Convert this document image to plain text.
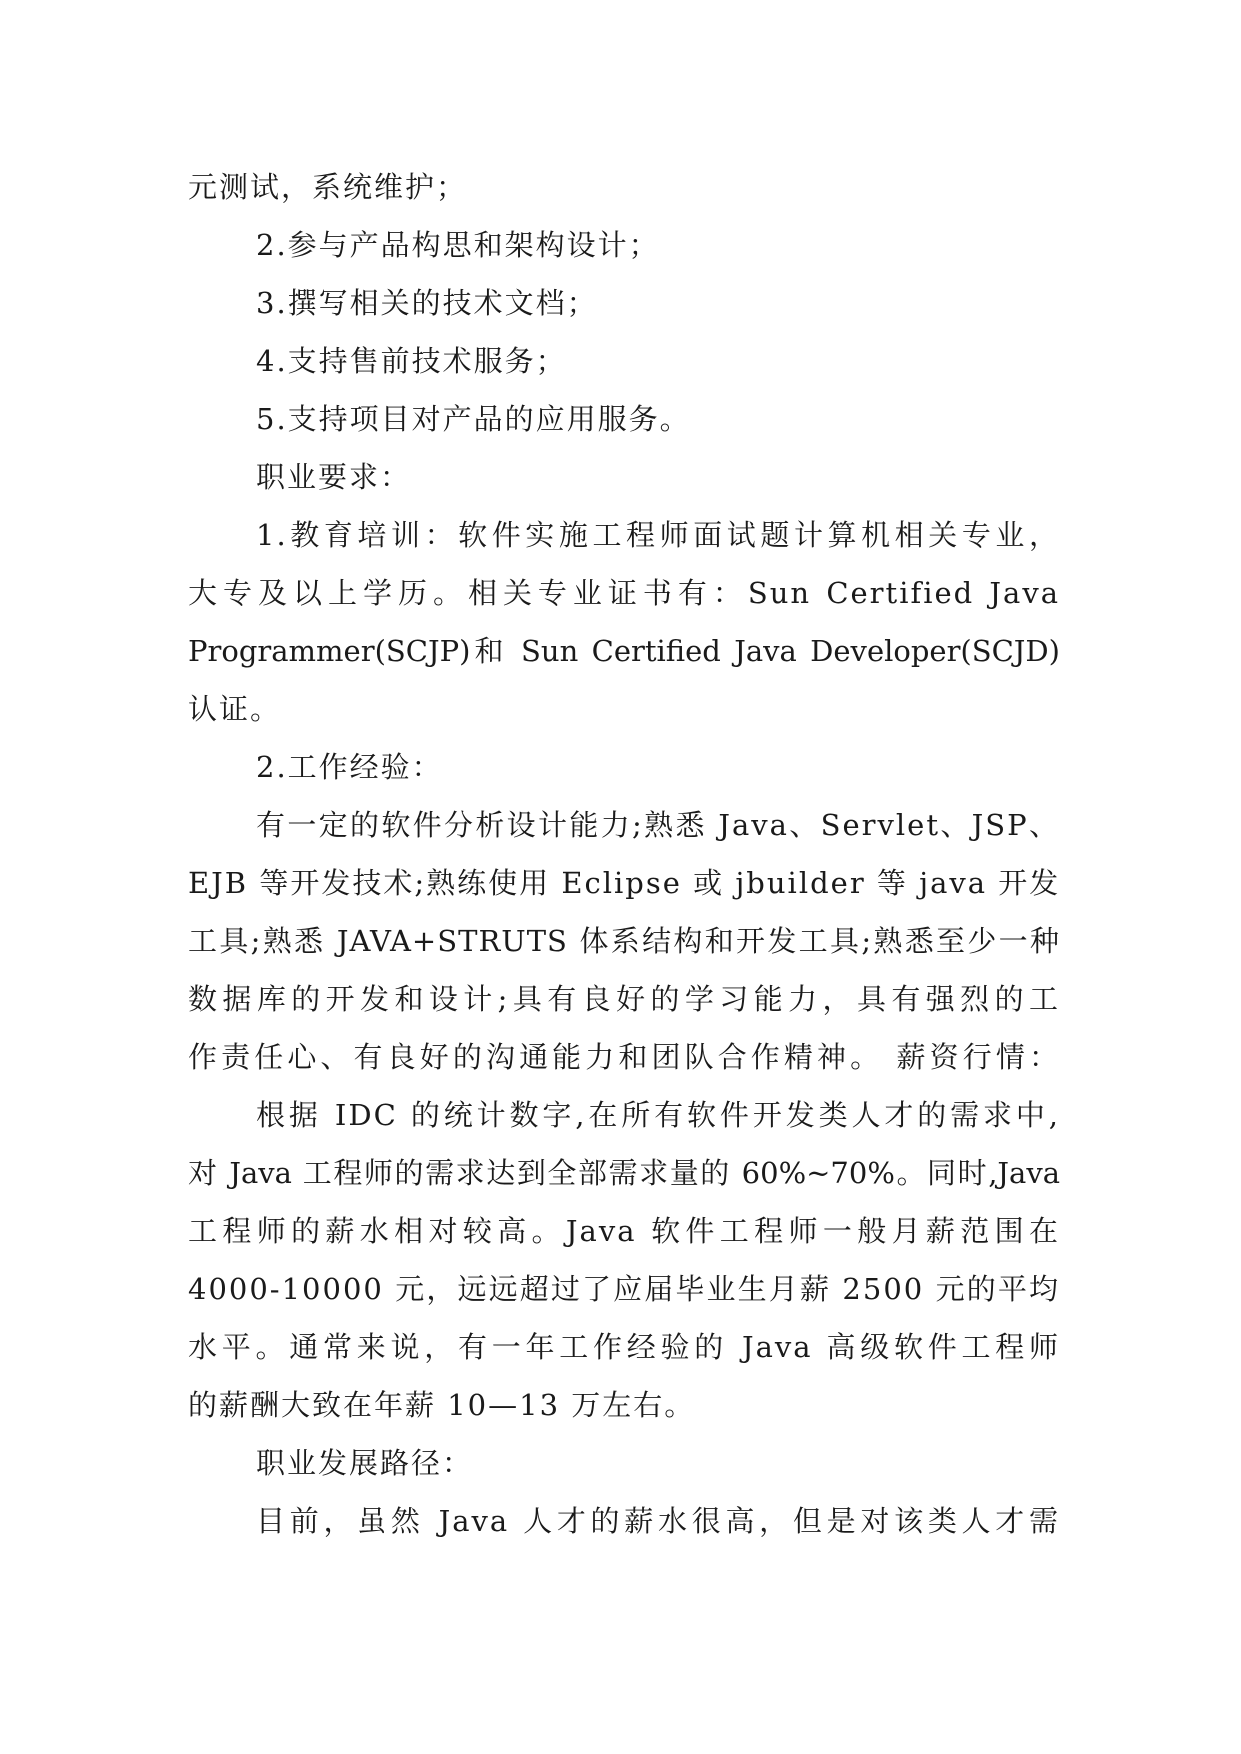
元测试，系统维护；
2.参与产品构思和架构设计；
3.撰写相关的技术文档；
4.支持售前技术服务；
5.支持项目对产品的应用服务。
职业要求：
1.教育培训：软件实施工程师面试题计算机相关专业，
大专及以上学历。相关专业证书有：Sun Certified Java
Programmer(SCJP)和 Sun Certified Java Developer(SCJD)
认证。
2.工作经验：
有一定的软件分析设计能力;熟悉 Java、Servlet、JSP、
EJB 等开发技术;熟练使用 Eclipse 或 jbuilder 等 java 开发
工具;熟悉 JAVA+STRUTS 体系结构和开发工具;熟悉至少一种
数据库的开发和设计;具有良好的学习能力，具有强烈的工
作责任心、有良好的沟通能力和团队合作精神。 薪资行情：
根据 IDC 的统计数字,在所有软件开发类人才的需求中,
对 Java 工程师的需求达到全部需求量的 60%~70%。同时,Java
工程师的薪水相对较高。Java 软件工程师一般月薪范围在
4000-10000 元，远远超过了应届毕业生月薪 2500 元的平均
水平。通常来说，有一年工作经验的 Java 高级软件工程师
的薪酬大致在年薪 10—13 万左右。
职业发展路径：
目前，虽然 Java 人才的薪水很高，但是对该类人才需
